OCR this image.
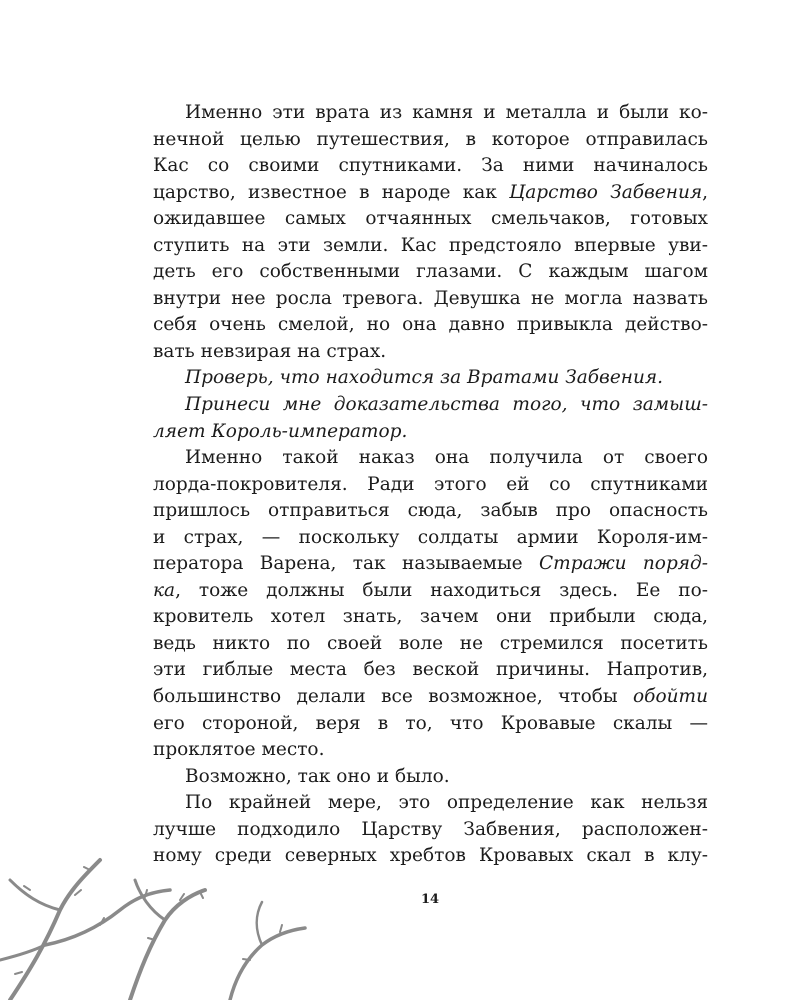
Именно эти врата из камня и металла и были ко-
нечной целью путешествия, в которое отправилась
Кас со своими спутниками. За ними начиналось
царство, известное в народе как Царство Забвения,
ожидавшее самых отчаянных смельчаков, готовых
ступить на эти земли. Кас предстояло впервые уви-
деть его собственными глазами. С каждым шагом
внутри нее росла тревога. Девушка не могла назвать
себя очень смелой, но она давно привыкла действо-
вать невзирая на страх.
Проверь, что находится за Вратами Забвения.
Принеси мне доказательства того, что замыш-
ляет Король-император.
Именно такой наказ она получила от своего
лорда-покровителя. Ради этого ей со спутниками
пришлось отправиться сюда, забыв про опасность
и страх, — поскольку солдаты армии Короля-им-
ператора Варена, так называемые Стражи поряд-
ка, тоже должны были находиться здесь. Ее по-
кровитель хотел знать, зачем они прибыли сюда,
ведь никто по своей воле не стремился посетить
эти гиблые места без веской причины. Напротив,
большинство делали все возможное, чтобы обойти
его стороной, веря в то, что Кровавые скалы —
проклятое место.
Возможно, так оно и было.
По крайней мере, это определение как нельзя
лучше подходило Царству Забвения, расположен-
ному среди северных хребтов Кровавых скал в клу-
14
